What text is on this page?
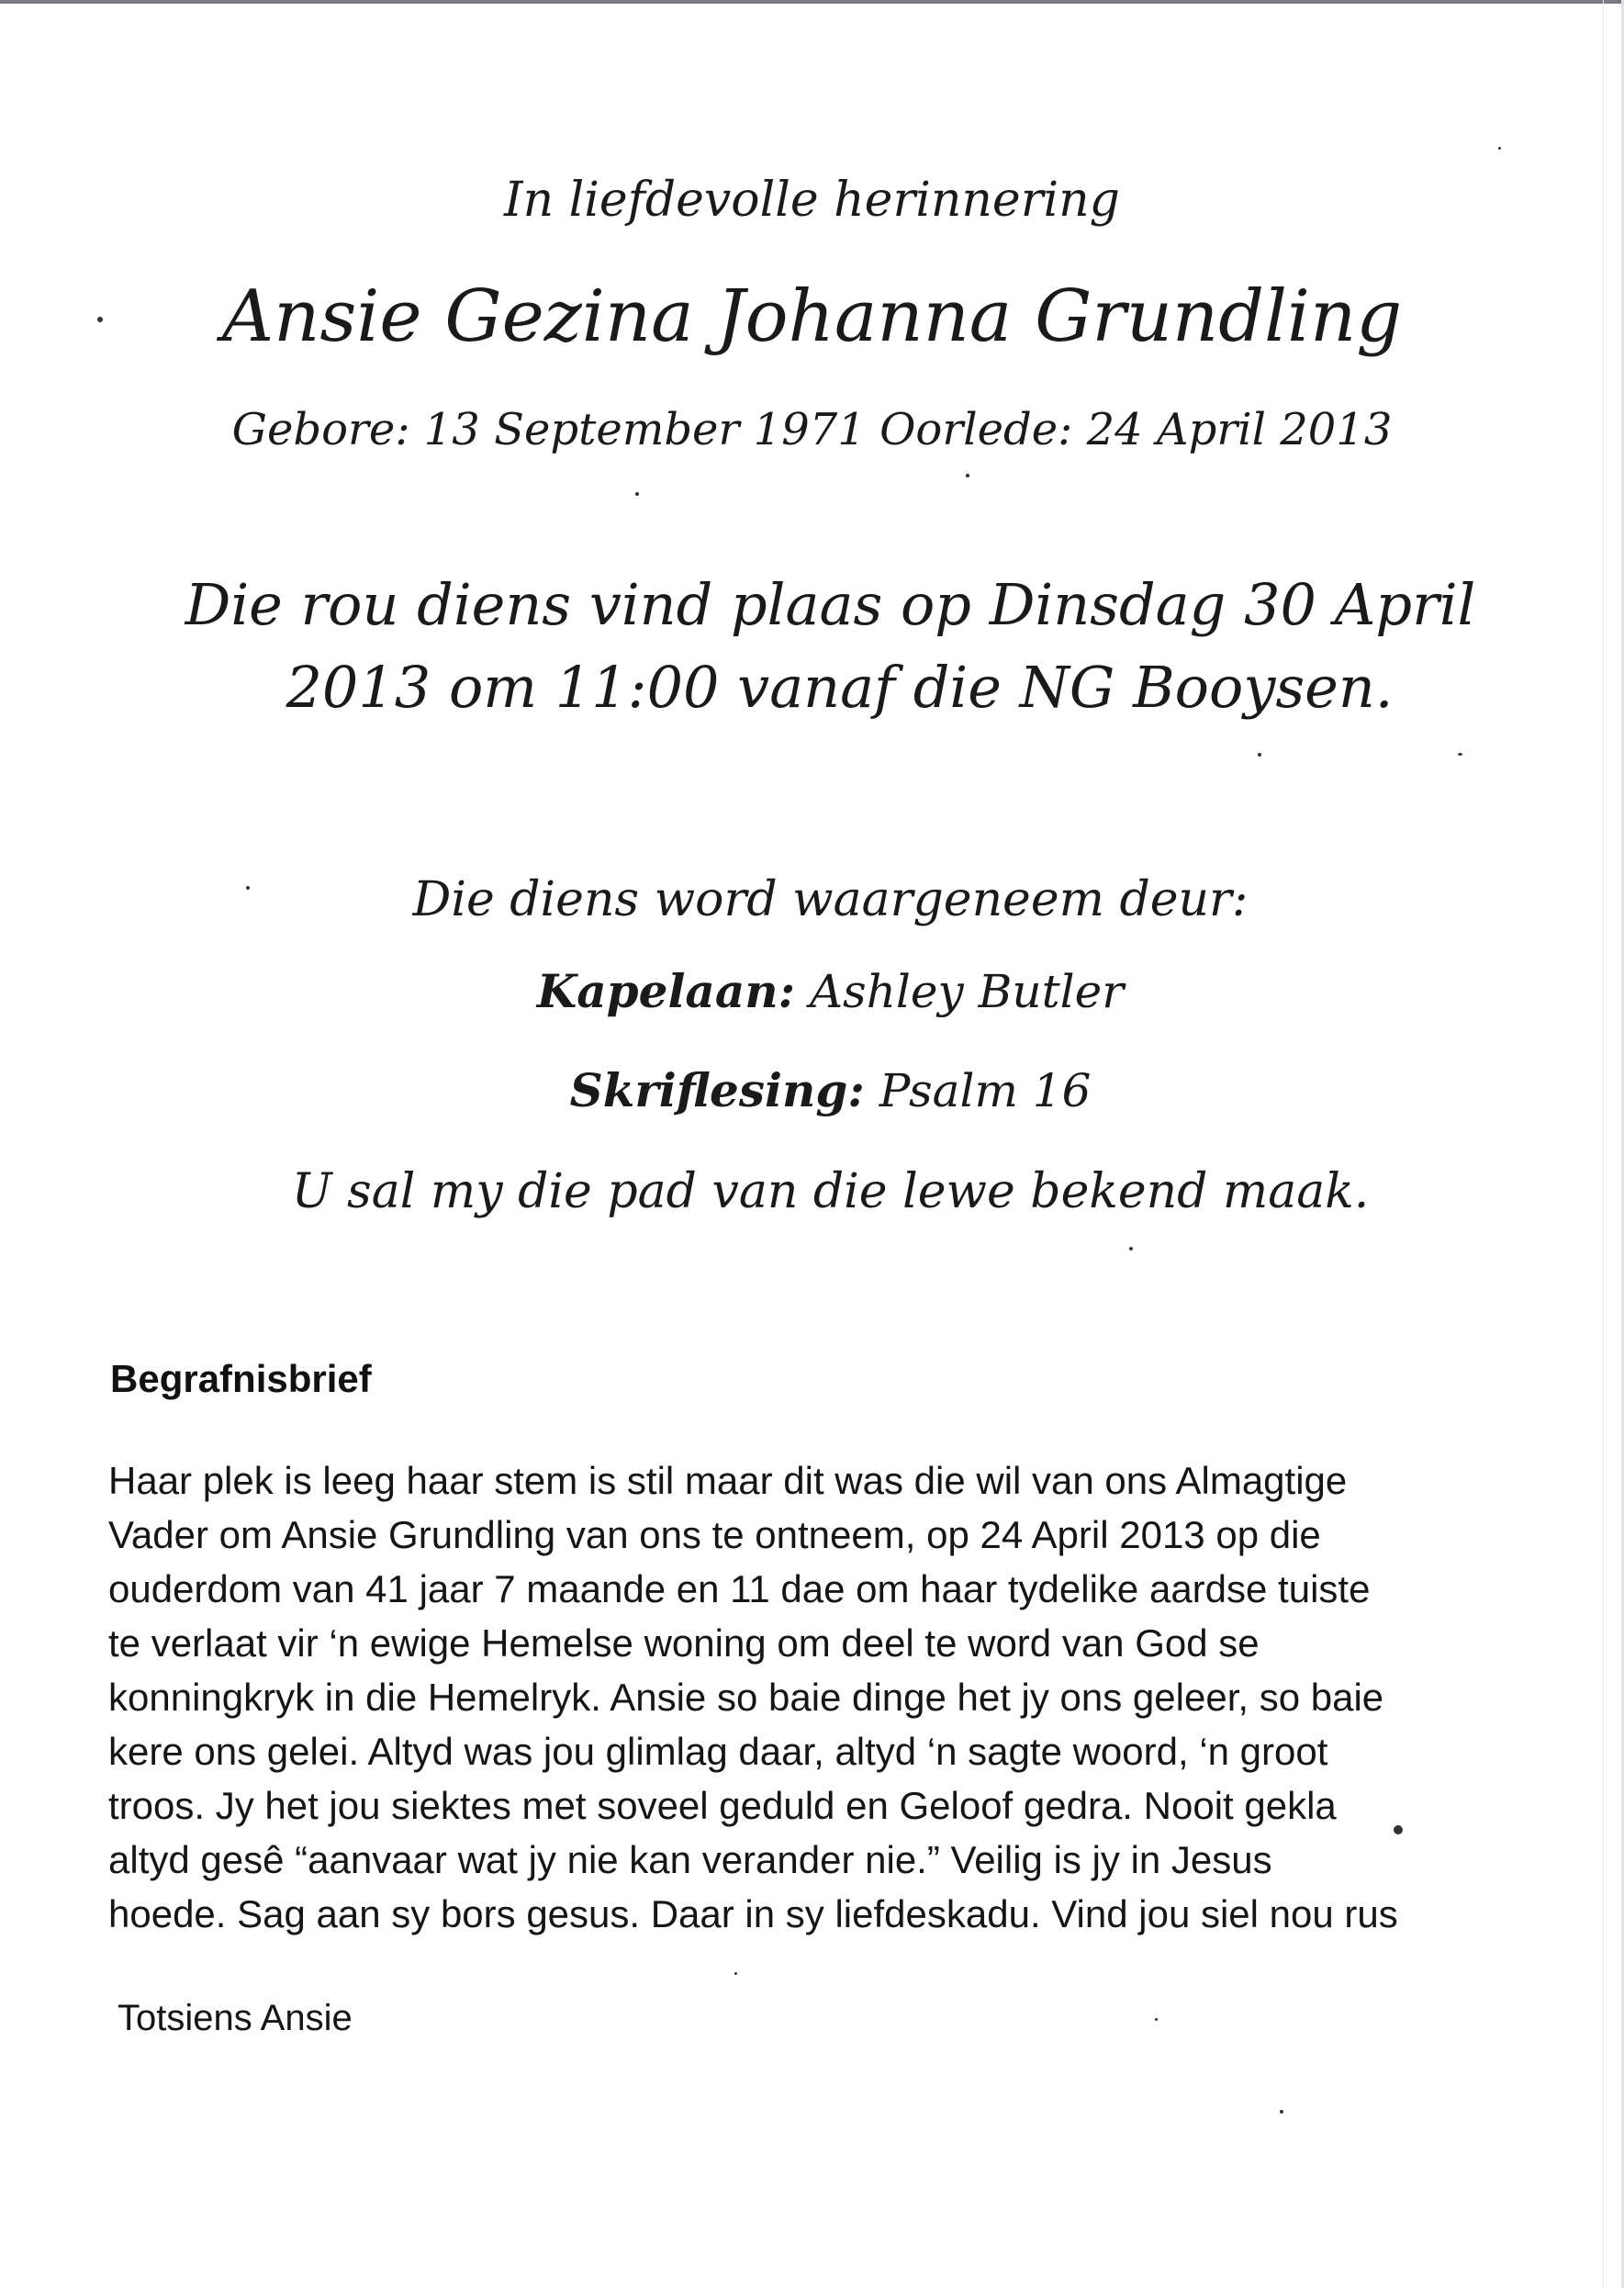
In liefdevolle herinnering
Ansie Gezina Johanna Grundling
Gebore: 13 September 1971 Oorlede: 24 April 2013
Die rou diens vind plaas op Dinsdag 30 April
2013 om 11:00 vanaf die NG Booysen.
Die diens word waargeneem deur:
Kapelaan: Ashley Butler
Skriflesing: Psalm 16
U sal my die pad van die lewe bekend maak.
Begrafnisbrief
Haar plek is leeg haar stem is stil maar dit was die wil van ons Almagtige
Vader om Ansie Grundling van ons te ontneem, op 24 April 2013 op die
ouderdom van 41 jaar 7 maande en 11 dae om haar tydelike aardse tuiste
te verlaat vir ‘n ewige Hemelse woning om deel te word van God se
konningkryk in die Hemelryk. Ansie so baie dinge het jy ons geleer, so baie
kere ons gelei. Altyd was jou glimlag daar, altyd ‘n sagte woord, ‘n groot
troos. Jy het jou siektes met soveel geduld en Geloof gedra. Nooit gekla
altyd gesê “aanvaar wat jy nie kan verander nie.” Veilig is jy in Jesus
hoede. Sag aan sy bors gesus. Daar in sy liefdeskadu. Vind jou siel nou rus
Totsiens Ansie
